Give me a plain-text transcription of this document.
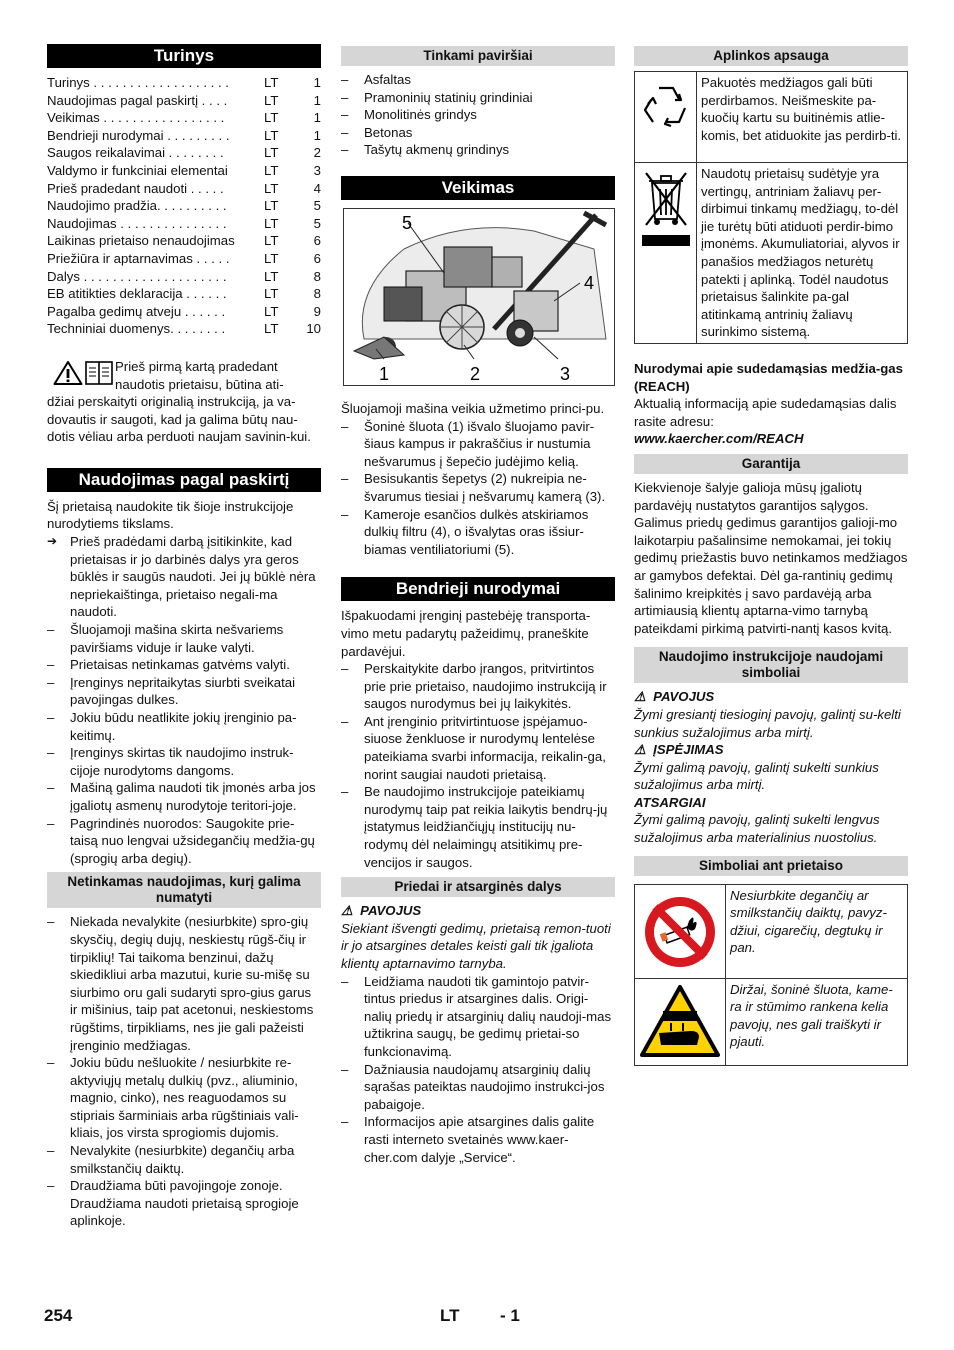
Turinys
Turinys . . . . . . . . . . . . . . . . . . .	LT	1
Naudojimas pagal paskirtį . . . .	LT	1
Veikimas . . . . . . . . . . . . . . . . .	LT	1
Bendrieji nurodymai . . . . . . . . .	LT	1
Saugos reikalavimai . . . . . . . .	LT	2
Valdymo ir funkciniai elementai	LT	3
Prieš pradedant naudoti . . . . .	LT	4
Naudojimo pradžia. . . . . . . . . .	LT	5
Naudojimas . . . . . . . . . . . . . . .	LT	5
Laikinas prietaiso nenaudojimas	LT	6
Priežiūra ir aptarnavimas . . . . .	LT	6
Dalys . . . . . . . . . . . . . . . . . . . .	LT	8
EB atitikties deklaracija . . . . . .	LT	8
Pagalba gedimų atveju . . . . . .	LT	9
Techniniai duomenys. . . . . . . .	LT	10

Prieš pirmą kartą pradedant

naudotis prietaisu, būtina ati-

džiai perskaityti originalią instrukciją, ja va-dovautis ir saugoti, kad ja galima būtų nau-dotis vėliau arba perduoti naujam savinin-kui.

Naudojimas pagal paskirtį

Šį prietaisą naudokite tik šioje instrukcijoje nurodytiems tikslams.

➔ Prieš pradėdami darbą įsitikinkite, kad prietaisas ir jo darbinės dalys yra geros būklės ir saugūs naudoti. Jei jų būklė nėra nepriekaištinga, prietaiso negali-ma naudoti.
–	Šluojamoji mašina skirta nešvariems paviršiams viduje ir lauke valyti.
–	Prietaisas netinkamas gatvėms valyti.
–	Įrenginys nepritaikytas siurbti sveikatai pavojingas dulkes.
–	Jokiu būdu neatlikite jokių įrenginio pa-keitimų.
–	Įrenginys skirtas tik naudojimo instruk-cijoje nurodytoms dangoms.
–	Mašiną galima naudoti tik įmonės arba jos įgaliotų asmenų nurodytoje teritori-joje.
–	Pagrindinės nuorodos: Saugokite prie-taisą nuo lengvai užsidegančių medžia-gų (sprogių arba degių).
Netinkamas naudojimas, kurį galima numatyti
–	Niekada nevalykite (nesiurbkite) spro-gių skysčių, degių dujų, neskiestų rūgš-čių ir tirpiklių! Tai taikoma benzinui, dažų skiedikliui arba mazutui, kurie su-mišę su siurbimo oru gali sudaryti spro-gius garus ir mišinius, taip pat acetonui, neskiestoms rūgštims, tirpikliams, nes jie gali pažeisti įrenginio medžiagas.
–	Jokiu būdu nešluokite / nesiurbkite re-aktyviųjų metalų dulkių (pvz., aliuminio, magnio, cinko), nes reaguodamos su stipriais šarminiais arba rūgštiniais vali-kliais, jos virsta sprogiomis dujomis.
–	Nevalykite (nesiurbkite) degančių arba smilkstančių daiktų.
–	Draudžiama būti pavojingoje zonoje. Draudžiama naudoti prietaisą sprogioje aplinkoje.
Tinkami paviršiai
–	Asfaltas
–	Pramoninių statinių grindiniai
–	Monolitinės grindys
–	Betonas
–	Tašytų akmenų grindinys
Veikimas
5
4
1	2	3

Šluojamoji mašina veikia užmetimo princi-pu.

–	Šoninė šluota (1) išvalo šluojamo pavir-šiaus kampus ir pakraščius ir nustumia nešvarumus į šepečio judėjimo kelią.
–	Besisukantis šepetys (2) nukreipia ne-švarumus tiesiai į nešvarumų kamerą (3).
–	Kameroje esančios dulkės atskiriamos dulkių filtru (4), o išvalytas oras išsiur-biamas ventiliatoriumi (5).
Bendrieji nurodymai

Išpakuodami įrenginį pastebėję transporta-vimo metu padarytų pažeidimų, praneškite pardavėjui.

–	Perskaitykite darbo įrangos, pritvirtintos prie prie prietaiso, naudojimo instrukciją ir saugos nurodymus bei jų laikykitės.
–	Ant įrenginio pritvirtintuose įspėjamuo-siuose ženkluose ir nurodymų lentelėse pateikiama svarbi informacija, reikalin-ga, norint saugiai naudoti prietaisą.
–	Be naudojimo instrukcijoje pateikiamų nurodymų taip pat reikia laikytis bendrų-jų įstatymus leidžiančiųjų institucijų nu-rodymų dėl nelaimingų atsitikimų pre-vencijos ir saugos.
Priedai ir atsarginės dalys

⚠ PAVOJUS

Siekiant išvengti gedimų, prietaisą remon-tuoti ir jo atsargines detales keisti gali tik įgaliota klientų aptarnavimo tarnyba.

–	Leidžiama naudoti tik gamintojo patvir-tintus priedus ir atsargines dalis. Origi-nalių priedų ir atsarginių dalių naudoji-mas užtikrina saugų, be gedimų prietai-so funkcionavimą.
–	Dažniausia naudojamų atsarginių dalių sąrašas pateiktas naudojimo instrukci-jos pabaigoje.
–	Informacijos apie atsargines dalis galite rasti interneto svetainės www.kaer-cher.com dalyje „Service“.
Aplinkos apsauga
Pakuotės medžiagos gali būti perdirbamos. Neišmeskite pa-kuočių kartu su buitinėmis atlie-komis, bet atiduokite jas perdirb-ti.
Naudotų prietaisų sudėtyje yra vertingų, antriniam žaliavų per-dirbimui tinkamų medžiagų, to-dėl jie turėtų būti atiduoti perdir-bimo įmonėms. Akumuliatoriai, alyvos ir panašios medžiagos neturėtų patekti į aplinką. Todėl naudotus prietaisus šalinkite pa-gal atitinkamą antrinių žaliavų surinkimo sistemą.

Nurodymai apie sudedamąsias medžia-gas (REACH)

Aktualią informaciją apie sudedamąsias dalis rasite adresu:

www.kaercher.com/REACH

Garantija

Kiekvienoje šalyje galioja mūsų įgaliotų pardavėjų nustatytos garantijos sąlygos. Galimus priedų gedimus garantijos galioji-mo laikotarpiu pašalinsime nemokamai, jei tokių gedimų priežastis buvo netinkamos medžiagos ar gamybos defektai. Dėl ga-rantinių gedimų šalinimo kreipkitės į savo pardavėją arba artimiausią klientų aptarna-vimo tarnybą pateikdami pirkimą patvirti-nantį kasos kvitą.

Naudojimo instrukcijoje naudojami simboliai

⚠ PAVOJUS

Žymi gresiantį tiesioginį pavojų, galintį su-kelti sunkius sužalojimus arba mirtį.

⚠ ĮSPĖJIMAS

Žymi galimą pavojų, galintį sukelti sunkius sužalojimus arba mirtį.

ATSARGIAI

Žymi galimą pavojų, galintį sukelti lengvus sužalojimus arba materialinius nuostolius.

Simboliai ant prietaiso
Nesiurbkite degančių ar smilkstančių daiktų, pavyz-džiui, cigarečių, degtukų ir pan.
Diržai, šoninė šluota, kame-ra ir stūmimo rankena kelia pavojų, nes gali traiškyti ir pjauti.
254	LT - 1
